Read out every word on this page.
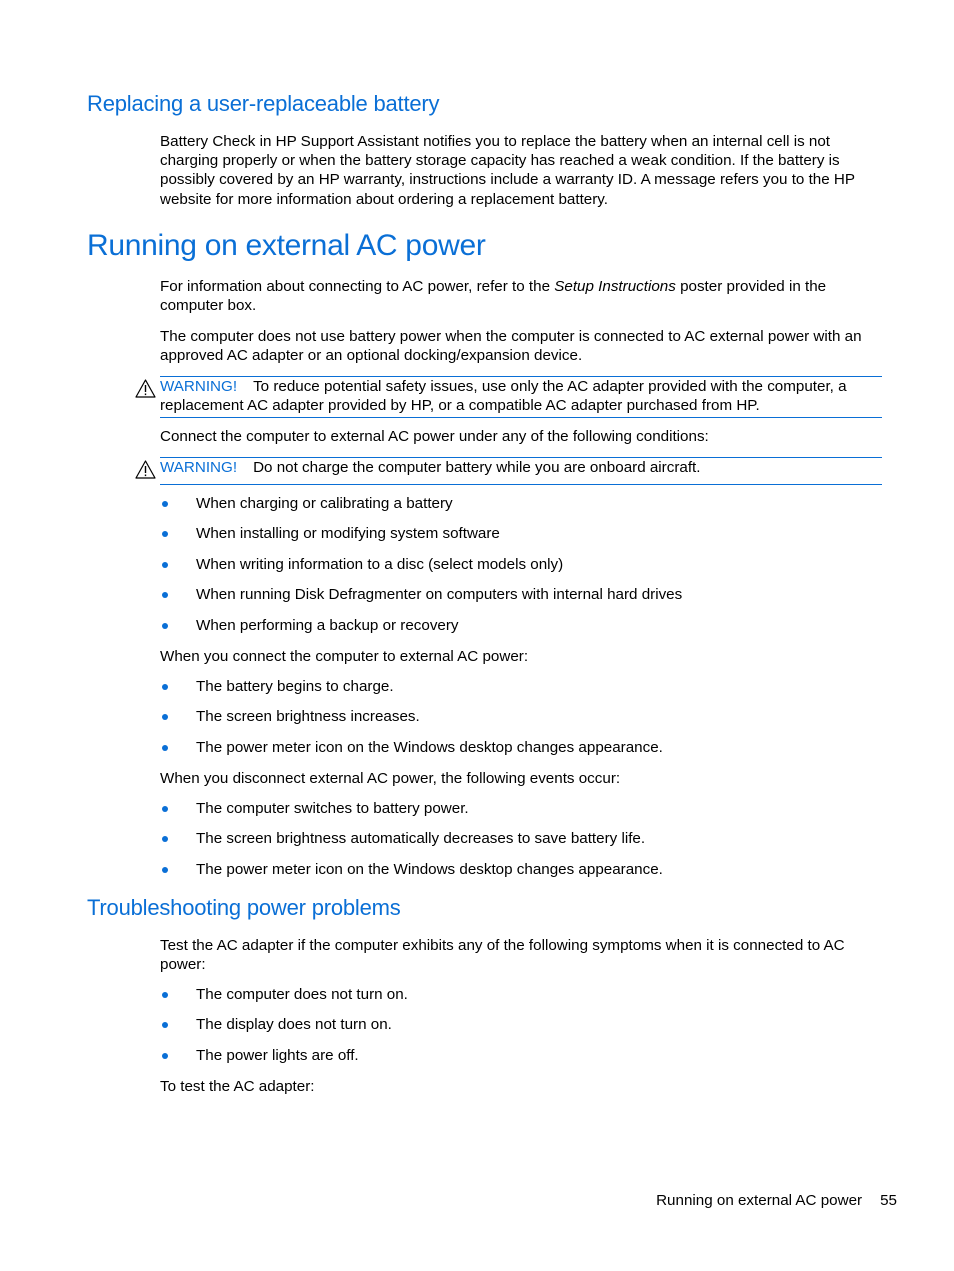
Replacing a user-replaceable battery

Battery Check in HP Support Assistant notifies you to replace the battery when an internal cell is not charging properly or when the battery storage capacity has reached a weak condition. If the battery is possibly covered by an HP warranty, instructions include a warranty ID. A message refers you to the HP website for more information about ordering a replacement battery.

Running on external AC power

For information about connecting to AC power, refer to the Setup Instructions poster provided in the computer box.

The computer does not use battery power when the computer is connected to AC external power with an approved AC adapter or an optional docking/expansion device.

WARNING! To reduce potential safety issues, use only the AC adapter provided with the computer, a replacement AC adapter provided by HP, or a compatible AC adapter purchased from HP.

Connect the computer to external AC power under any of the following conditions:

WARNING! Do not charge the computer battery while you are onboard aircraft.

When charging or calibrating a battery
When installing or modifying system software
When writing information to a disc (select models only)
When running Disk Defragmenter on computers with internal hard drives
When performing a backup or recovery

When you connect the computer to external AC power:

The battery begins to charge.
The screen brightness increases.
The power meter icon on the Windows desktop changes appearance.

When you disconnect external AC power, the following events occur:

The computer switches to battery power.
The screen brightness automatically decreases to save battery life.
The power meter icon on the Windows desktop changes appearance.
Troubleshooting power problems

Test the AC adapter if the computer exhibits any of the following symptoms when it is connected to AC power:

The computer does not turn on.
The display does not turn on.
The power lights are off.

To test the AC adapter:

Running on external AC power 55
